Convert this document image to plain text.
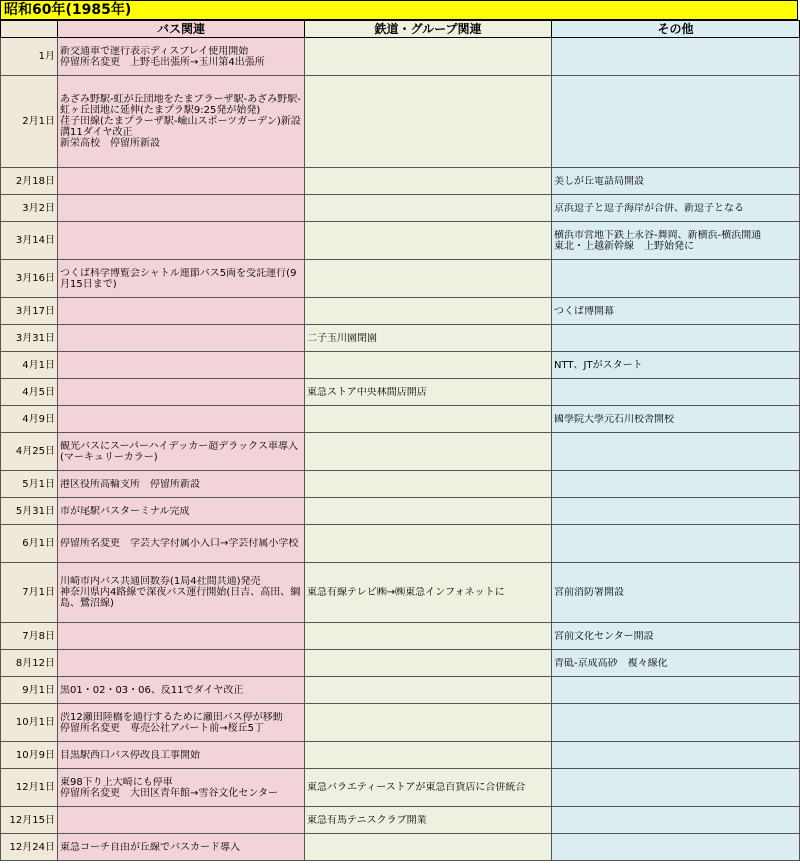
昭和60年(1985年)
	バス関連	鉄道・グループ関連	その他

1月	新交通車で運行表示ディスプレイ使用開始
停留所名変更　上野毛出張所→玉川第4出張所		

2月1日	あざみ野駅-虹が丘団地をたまプラーザ駅-あざみ野駅-虹ヶ丘団地に延伸(たまプラ駅9:25発が始発)
荏子田線(たまプラーザ駅-嶮山スポーツガーデン)新設
溝11ダイヤ改正
新栄高校　停留所新設		

2月18日			美しが丘電話局開設

3月2日			京浜逗子と逗子海岸が合併、新逗子となる

3月14日			横浜市営地下鉄上永谷-舞岡、新横浜-横浜開通
東北・上越新幹線　上野始発に

3月16日	つくば科学博覧会シャトル連節バス5両を受託運行(9月15日まで)		

3月17日			つくば博開幕

3月31日		二子玉川園閉園	

4月1日			NTT、JTがスタート

4月5日		東急ストア中央林間店開店	

4月9日			國學院大學元石川校舎開校

4月25日	観光バスにスーパーハイデッカー超デラックス車導入(マーキュリーカラー)		

5月1日	港区役所高輪支所　停留所新設		

5月31日	市が尾駅バスターミナル完成		

6月1日	停留所名変更　学芸大学付属小入口→学芸付属小学校		

7月1日	川崎市内バス共通回数券(1局4社間共通)発売
神奈川県内4路線で深夜バス運行開始(日吉、高田、綱島、鷺沼線)	東急有線テレビ㈱→㈱東急インフォネットに	宮前消防署開設

7月8日			宮前文化センター開設

8月12日			青砥-京成高砂　複々線化

9月1日	黒01・02・03・06、反11でダイヤ改正		

10月1日	渋12瀬田陸橋を通行するために瀬田バス停が移動
停留所名変更　専売公社アパート前→桜丘5丁		

10月9日	目黒駅西口バス停改良工事開始		

12月1日	東98下り上大崎にも停車
停留所名変更　大田区青年館→雪谷文化センター	東急バラエティーストアが東急百貨店に合併統合	

12月15日		東急有馬テニスクラブ開業	

12月24日	東急コーチ自由が丘線でバスカード導入		
